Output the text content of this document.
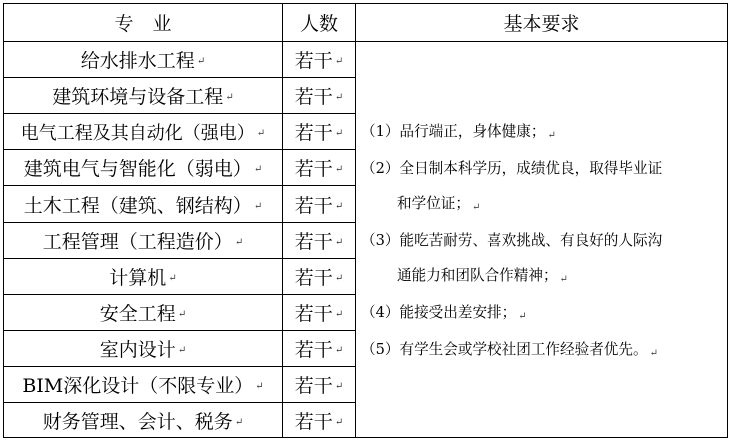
专　业	人数	基本要求
给水排水工程 ↵	若干 ↵
建筑环境与设备工程 ↵	若干 ↵
电气工程及其自动化（强电） ↵ 若干 ↵
建筑电气与智能化（弱电） ↵ 若干 ↵
土木工程（建筑、钢结构） ↵ 若干 ↵
工程管理（工程造价） ↵	若干 ↵
计算机 ↵	若干 ↵
安全工程 ↵	若干 ↵
室内设计 ↵	若干 ↵
BIM深化设计（不限专业） ↵ 若干 ↵
财务管理、会计、税务 ↵	若干 ↵
（1）品行端正，身体健康； ↵
（2）全日制本科学历，成绩优良，取得毕业证
和学位证； ↵
（3）能吃苦耐劳、喜欢挑战、有良好的人际沟
通能力和团队合作精神； ↵
（4）能接受出差安排； ↵
（5）有学生会或学校社团工作经验者优先。 ↵
